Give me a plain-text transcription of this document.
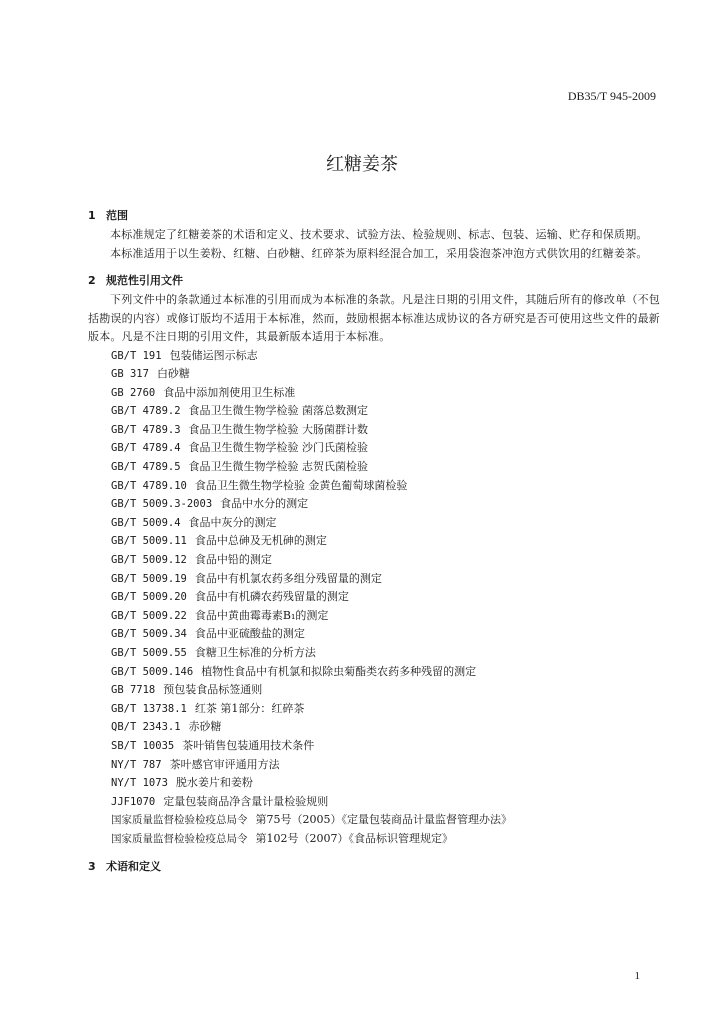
DB35/T 945-2009
红糖姜茶
1 范围

本标准规定了红糖姜茶的术语和定义、技术要求、试验方法、检验规则、标志、包装、运输、贮存和保质期。

本标准适用于以生姜粉、红糖、白砂糖、红碎茶为原料经混合加工，采用袋泡茶冲泡方式供饮用的红糖姜茶。

2 规范性引用文件

下列文件中的条款通过本标准的引用而成为本标准的条款。凡是注日期的引用文件，其随后所有的修改单（不包括勘误的内容）或修订版均不适用于本标准，然而，鼓励根据本标准达成协议的各方研究是否可使用这些文件的最新版本。凡是不注日期的引用文件，其最新版本适用于本标准。

GB/T 191 包装储运图示标志
GB 317 白砂糖
GB 2760 食品中添加剂使用卫生标准
GB/T 4789.2 食品卫生微生物学检验 菌落总数测定
GB/T 4789.3 食品卫生微生物学检验 大肠菌群计数
GB/T 4789.4 食品卫生微生物学检验 沙门氏菌检验
GB/T 4789.5 食品卫生微生物学检验 志贺氏菌检验
GB/T 4789.10 食品卫生微生物学检验 金黄色葡萄球菌检验
GB/T 5009.3-2003 食品中水分的测定
GB/T 5009.4 食品中灰分的测定
GB/T 5009.11 食品中总砷及无机砷的测定
GB/T 5009.12 食品中铅的测定
GB/T 5009.19 食品中有机氯农药多组分残留量的测定
GB/T 5009.20 食品中有机磷农药残留量的测定
GB/T 5009.22 食品中黄曲霉毒素B₁的测定
GB/T 5009.34 食品中亚硫酸盐的测定
GB/T 5009.55 食糖卫生标准的分析方法
GB/T 5009.146 植物性食品中有机氯和拟除虫菊酯类农药多种残留的测定
GB 7718 预包装食品标签通则
GB/T 13738.1 红茶 第1部分：红碎茶
QB/T 2343.1 赤砂糖
SB/T 10035 茶叶销售包装通用技术条件
NY/T 787 茶叶感官审评通用方法
NY/T 1073 脱水姜片和姜粉
JJF1070 定量包装商品净含量计量检验规则
国家质量监督检验检疫总局令 第75号（2005）《定量包装商品计量监督管理办法》
国家质量监督检验检疫总局令 第102号（2007）《食品标识管理规定》
3 术语和定义
1
